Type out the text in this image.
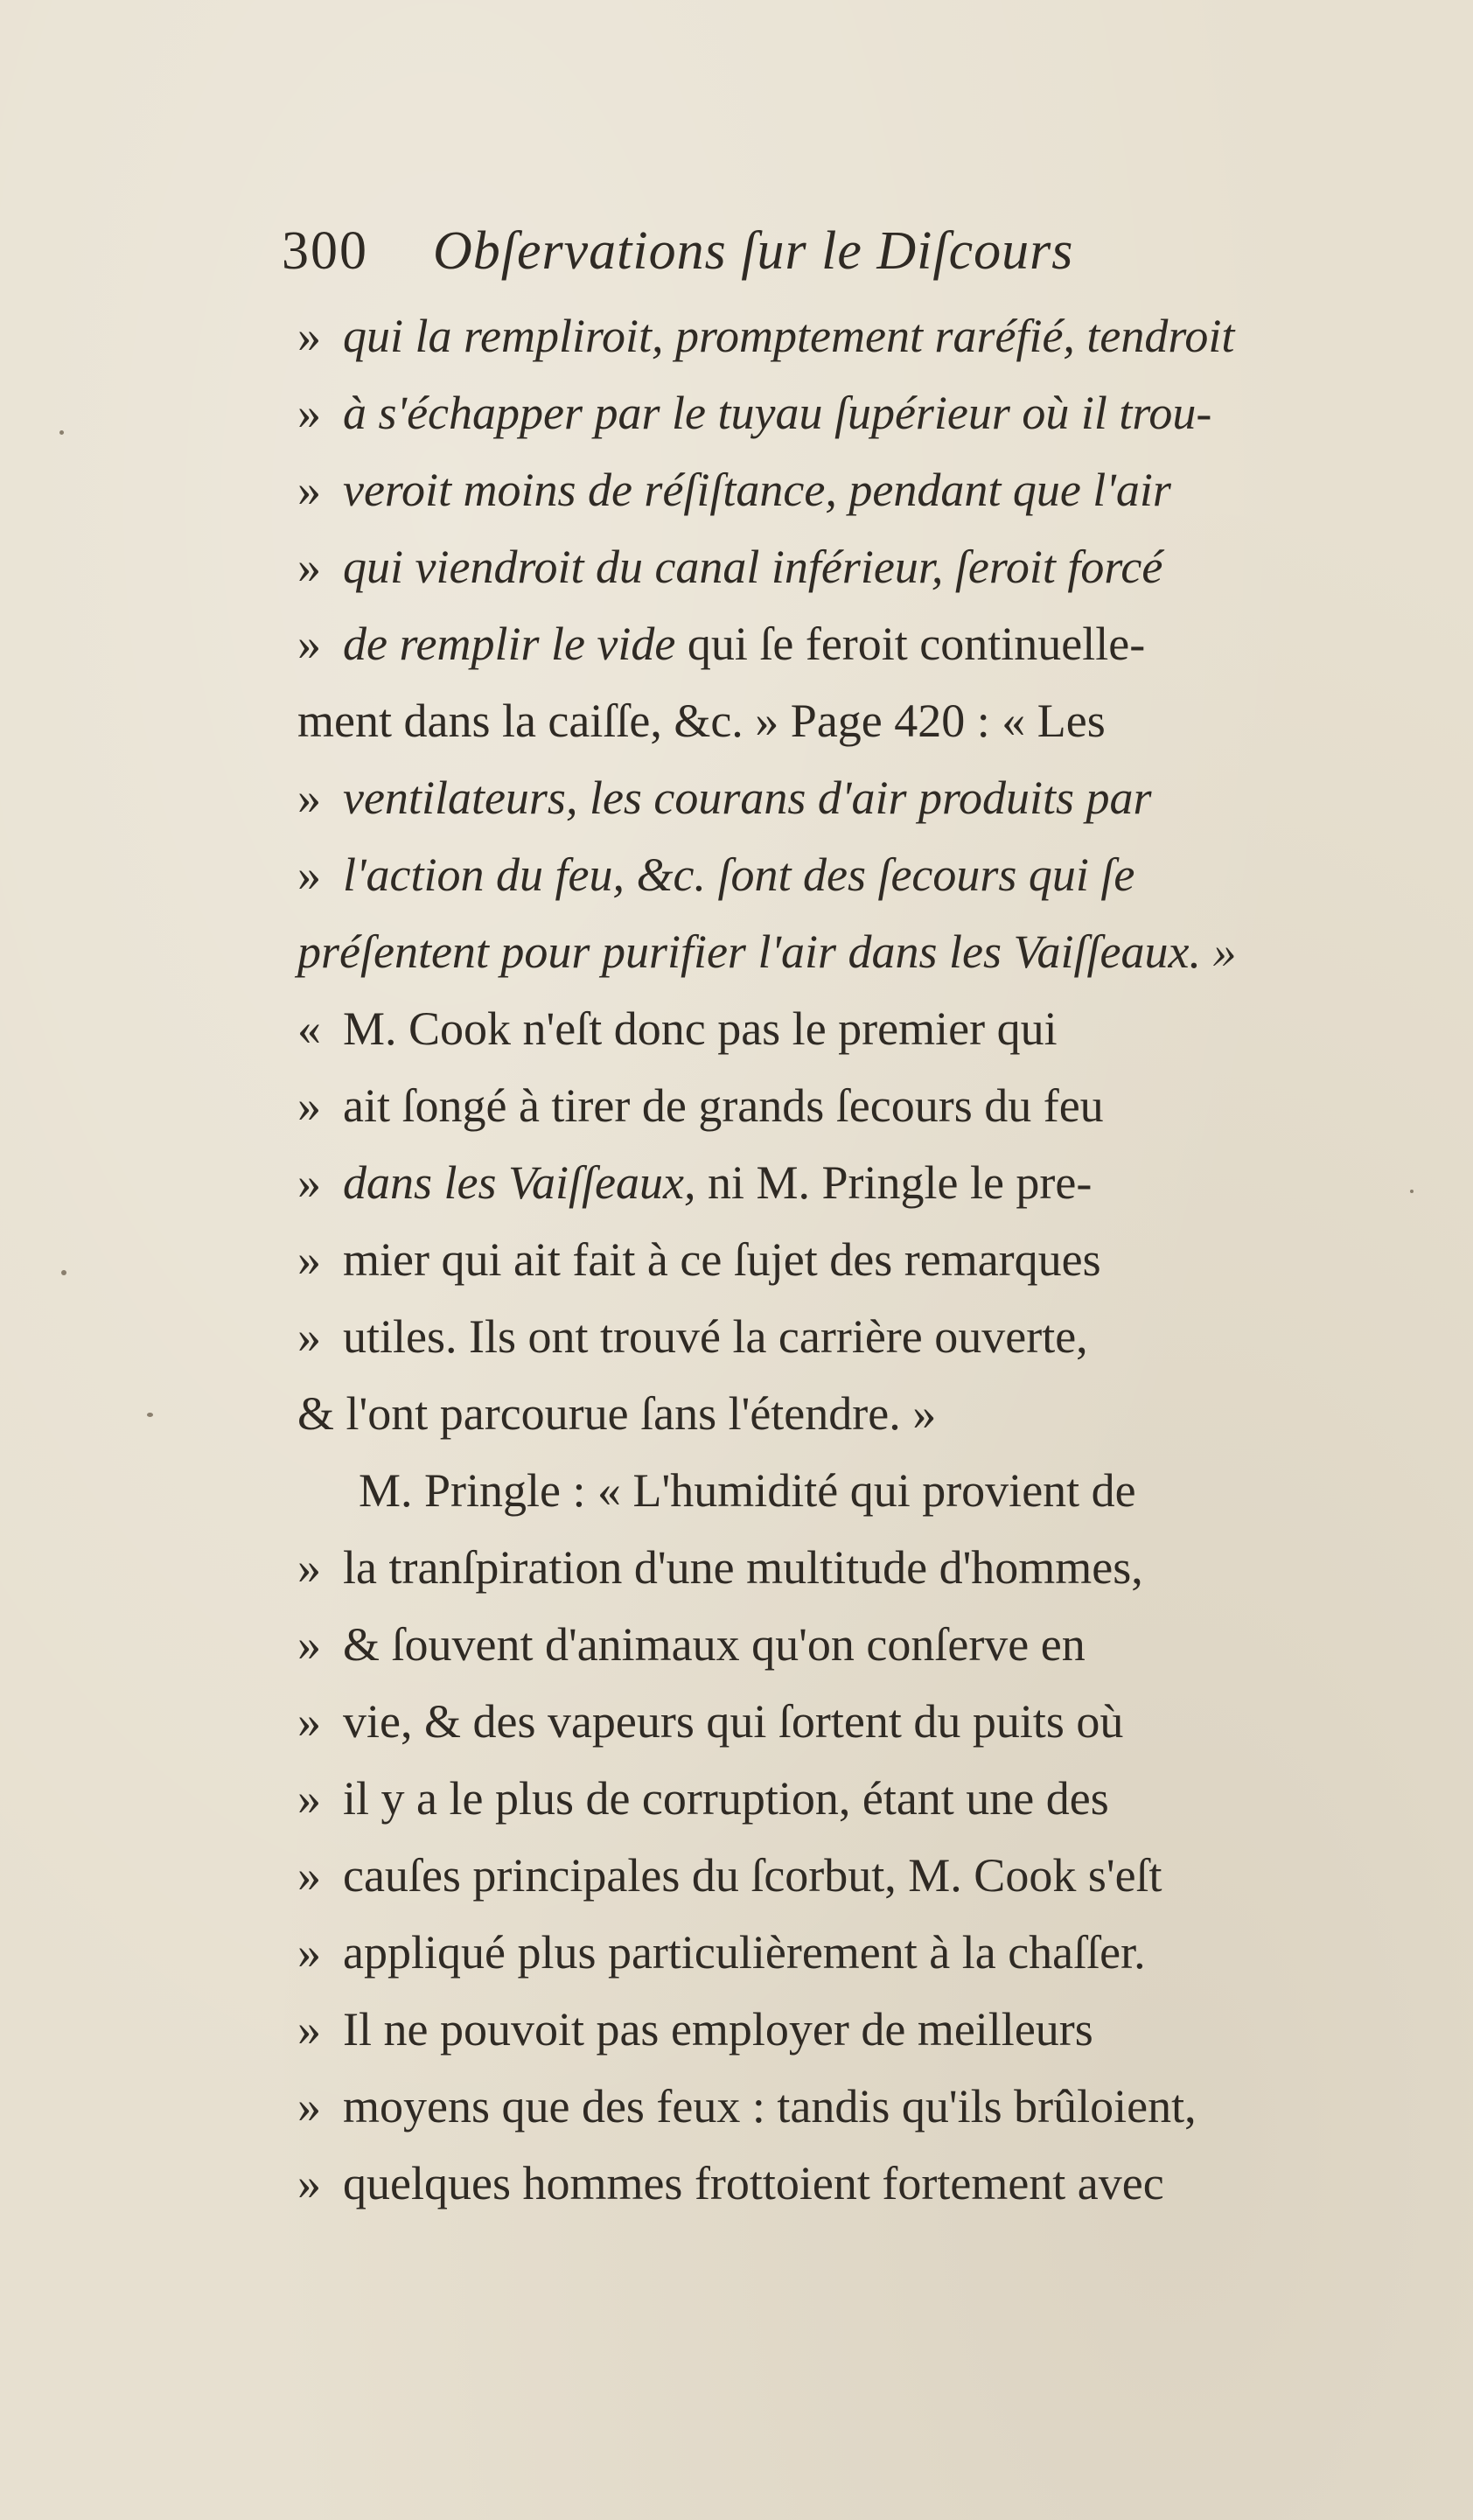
300 Obſervations ſur le Diſcours
» qui la rempliroit, promptement raréfié, tendroit
» à s'échapper par le tuyau ſupérieur où il trou-
» veroit moins de réſiſtance, pendant que l'air
» qui viendroit du canal inférieur, ſeroit forcé
» de remplir le vide qui ſe feroit continuelle-
ment dans la caiſſe, &c. » Page 420 : « Les
» ventilateurs, les courans d'air produits par
» l'action du feu, &c. ſont des ſecours qui ſe
préſentent pour purifier l'air dans les Vaiſſeaux. »
« M. Cook n'eſt donc pas le premier qui
» ait ſongé à tirer de grands ſecours du feu
» dans les Vaiſſeaux, ni M. Pringle le pre-
» mier qui ait fait à ce ſujet des remarques
» utiles. Ils ont trouvé la carrière ouverte,
& l'ont parcourue ſans l'étendre. »
M. Pringle : « L'humidité qui provient de
» la tranſpiration d'une multitude d'hommes,
» & ſouvent d'animaux qu'on conſerve en
» vie, & des vapeurs qui ſortent du puits où
» il y a le plus de corruption, étant une des
» cauſes principales du ſcorbut, M. Cook s'eſt
» appliqué plus particulièrement à la chaſſer.
» Il ne pouvoit pas employer de meilleurs
» moyens que des feux : tandis qu'ils brûloient,
» quelques hommes frottoient fortement avec
